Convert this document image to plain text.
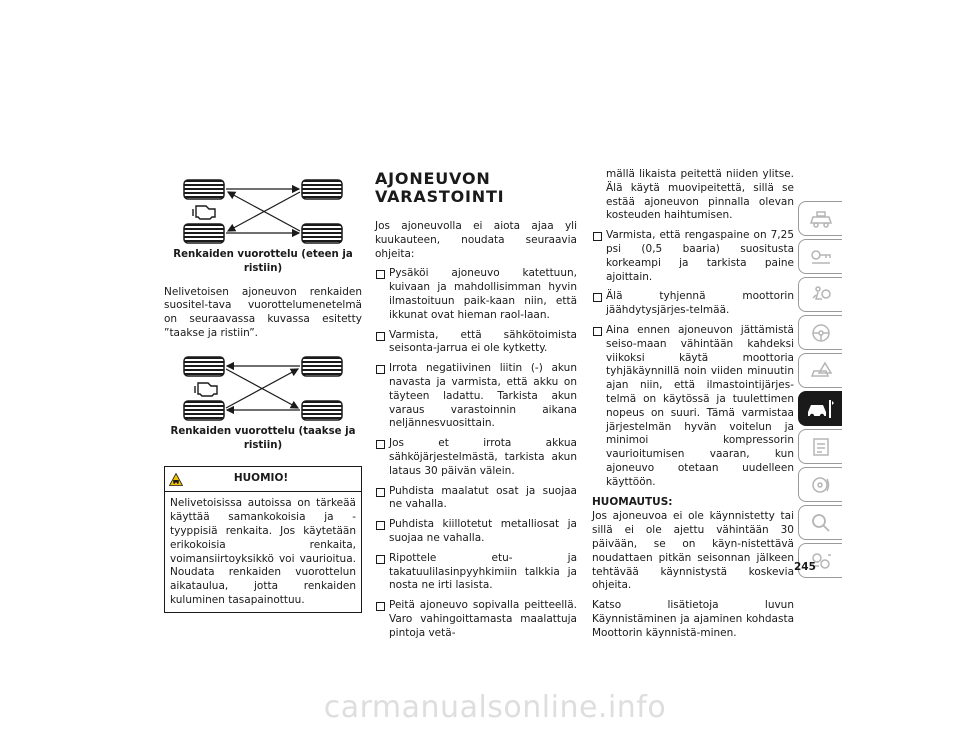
Renkaiden vuorottelu (eteen ja ristiin)

Nelivetoisen ajoneuvon renkaiden suositel-tava vuorottelumenetelmä on seuraavassa kuvassa esitetty ”taakse ja ristiin”.

Renkaiden vuorottelu (taakse ja ristiin)
HUOMIO!

Nelivetoisissa autoissa on tärkeää käyttää samankokoisia ja -tyyppisiä renkaita. Jos käytetään erikokoisia renkaita, voimansiirtoyksikkö voi vaurioitua. Noudata renkaiden vuorottelun aikataulua, jotta renkaiden kuluminen tasapainottuu.

AJONEUVON
VARASTOINTI

Jos ajoneuvolla ei aiota ajaa yli kuukauteen, noudata seuraavia ohjeita:

Pysäköi ajoneuvo katettuun, kuivaan ja mahdollisimman hyvin ilmastoituun paik-kaan niin, että ikkunat ovat hieman raol-laan.
Varmista, että sähkötoimista seisonta-jarrua ei ole kytketty.
Irrota negatiivinen liitin (-) akun navasta ja varmista, että akku on täyteen ladattu. Tarkista akun varaus varastoinnin aikana neljännesvuosittain.
Jos et irrota akkua sähköjärjestelmästä, tarkista akun lataus 30 päivän välein.
Puhdista maalatut osat ja suojaa ne vahalla.
Puhdista kiillotetut metalliosat ja suojaa ne vahalla.
Ripottele etu- ja takatuulilasinpyyhkimiin talkkia ja nosta ne irti lasista.
Peitä ajoneuvo sopivalla peitteellä. Varo vahingoittamasta maalattuja pintoja vetä-

mällä likaista peitettä niiden ylitse. Älä käytä muovipeitettä, sillä se estää ajoneuvon pinnalla olevan kosteuden haihtumisen.

Varmista, että rengaspaine on 7,25 psi (0,5 baaria) suositusta korkeampi ja tarkista paine ajoittain.
Älä tyhjennä moottorin jäähdytysjärjes-telmää.
Aina ennen ajoneuvon jättämistä seiso-maan vähintään kahdeksi viikoksi käytä moottoria tyhjäkäynnillä noin viiden minuutin ajan niin, että ilmastointijärjes-telmä on käytössä ja tuulettimen nopeus on suuri. Tämä varmistaa järjestelmän hyvän voitelun ja minimoi kompressorin vaurioitumisen vaaran, kun ajoneuvo otetaan uudelleen käyttöön.

HUOMAUTUS:

Jos ajoneuvoa ei ole käynnistetty tai sillä ei ole ajettu vähintään 30 päivään, se on käyn-nistettävä noudattaen pitkän seisonnan jälkeen tehtävää käynnistystä koskevia ohjeita.

Katso lisätietoja luvun Käynnistäminen ja ajaminen kohdasta Moottorin käynnistä-minen.

245
carmanualsonline.info
